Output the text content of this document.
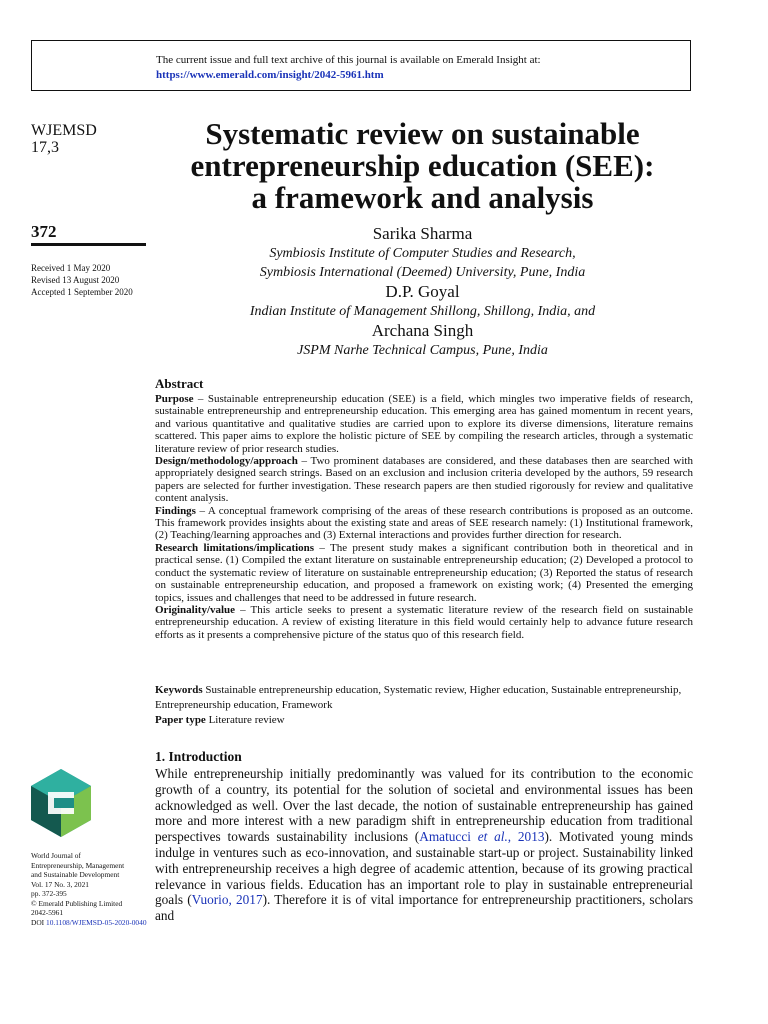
The current issue and full text archive of this journal is available on Emerald Insight at:
https://www.emerald.com/insight/2042-5961.htm
WJEMSD
17,3
372
Received 1 May 2020
Revised 13 August 2020
Accepted 1 September 2020
Systematic review on sustainable
entrepreneurship education (SEE):
a framework and analysis
Sarika Sharma
Symbiosis Institute of Computer Studies and Research,
Symbiosis International (Deemed) University, Pune, India
D.P. Goyal
Indian Institute of Management Shillong, Shillong, India, and
Archana Singh
JSPM Narhe Technical Campus, Pune, India
Abstract

Purpose – Sustainable entrepreneurship education (SEE) is a field, which mingles two imperative fields of research, sustainable entrepreneurship and entrepreneurship education. This emerging area has gained momentum in recent years, and various quantitative and qualitative studies are carried upon to explore its diverse dimensions, literature remains scattered. This paper aims to explore the holistic picture of SEE by compiling the research articles, through a systematic literature review of prior research studies.

Design/methodology/approach – Two prominent databases are considered, and these databases then are searched with appropriately designed search strings. Based on an exclusion and inclusion criteria developed by the authors, 59 research papers are selected for further investigation. These research papers are then studied rigorously for review and qualitative content analysis.

Findings – A conceptual framework comprising of the areas of these research contributions is proposed as an outcome. This framework provides insights about the existing state and areas of SEE research namely: (1) Institutional framework, (2) Teaching/learning approaches and (3) External interactions and provides further direction for research.

Research limitations/implications – The present study makes a significant contribution both in theoretical and in practical sense. (1) Compiled the extant literature on sustainable entrepreneurship education; (2) Developed a protocol to conduct the systematic review of literature on sustainable entrepreneurship education; (3) Reported the status of research on sustainable entrepreneurship education, and proposed a framework on existing work; (4) Presented the emerging topics, issues and challenges that need to be addressed in future research.

Originality/value – This article seeks to present a systematic literature review of the research field on sustainable entrepreneurship education. A review of existing literature in this field would certainly help to advance future research efforts as it presents a comprehensive picture of the status quo of this research field.

Keywords Sustainable entrepreneurship education, Systematic review, Higher education, Sustainable entrepreneurship, Entrepreneurship education, Framework

Paper type Literature review

1. Introduction
While entrepreneurship initially predominantly was valued for its contribution to the economic growth of a country, its potential for the solution of societal and environmental issues has been acknowledged as well. Over the last decade, the notion of sustainable entrepreneurship has gained more and more interest with a new paradigm shift in entrepreneurship education from traditional perspectives towards sustainability inclusions (Amatucci et al., 2013). Motivated young minds indulge in ventures such as eco-innovation, and sustainable start-up or project. Sustainability linked with entrepreneurship receives a high degree of academic attention, because of its growing practical relevance in various fields. Education has an important role to play in sustainable entrepreneurial goals (Vuorio, 2017). Therefore it is of vital importance for entrepreneurship practitioners, scholars and
World Journal of
Entrepreneurship, Management
and Sustainable Development
Vol. 17 No. 3, 2021
pp. 372-395
© Emerald Publishing Limited
2042-5961
DOI 10.1108/WJEMSD-05-2020-0040
